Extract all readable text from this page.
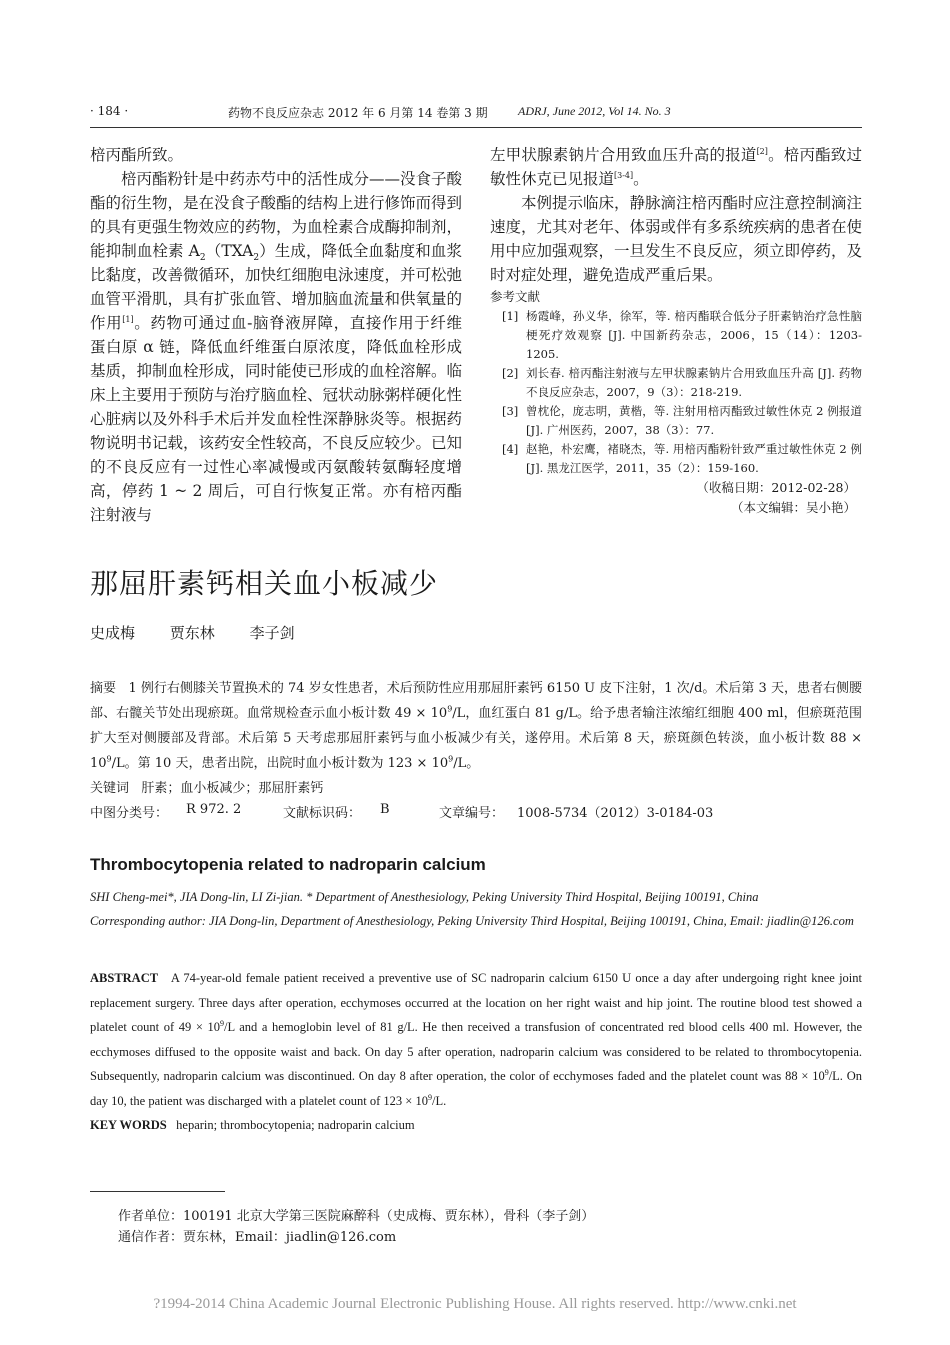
· 184 ·	药物不良反应杂志 2012 年 6 月第 14 卷第 3 期	ADRJ, June 2012, Vol 14. No. 3

棓丙酯所致。

棓丙酯粉针是中药赤芍中的活性成分——没食子酸酯的衍生物，是在没食子酸酯的结构上进行修饰而得到的具有更强生物效应的药物，为血栓素合成酶抑制剂，能抑制血栓素 $A_2(TXA_2)$生成，降低全血黏度和血浆比黏度，改善微循环，加快红细胞电泳速度，并可松弛血管平滑肌，具有扩张血管、增加脑血流量和供氧量的作用[1]。药物可通过血-脑脊液屏障，直接作用于纤维蛋白原 α 链，降低血纤维蛋白原浓度，降低血栓形成基质，抑制血栓形成，同时能使已形成的血栓溶解。临床上主要用于预防与治疗脑血栓、冠状动脉粥样硬化性心脏病以及外科手术后并发血栓性深静脉炎等。根据药物说明书记载，该药安全性较高，不良反应较少。已知的不良反应有一过性心率减慢或丙氨酸转氨酶轻度增高，停药 1 ~ 2 周后，可自行恢复正常。亦有棓丙酯注射液与

左甲状腺素钠片合用致血压升高的报道[2]。棓丙酯致过敏性休克已见报道[3-4]。

本例提示临床，静脉滴注棓丙酯时应注意控制滴注速度，尤其对老年、体弱或伴有多系统疾病的患者在使用中应加强观察，一旦发生不良反应，须立即停药，及时对症处理，避免造成严重后果。

参考文献
[1] 杨霞峰，孙义华，徐军，等. 棓丙酯联合低分子肝素钠治疗急性脑梗死疗效观察 [J]. 中国新药杂志，2006，15（14）：1203-1205.
[2] 刘长春. 棓丙酯注射液与左甲状腺素钠片合用致血压升高 [J]. 药物不良反应杂志，2007，9（3）：218-219.
[3] 曾枕伦，庞志明，黄楷，等. 注射用棓丙酯致过敏性休克 2 例报道 [J]. 广州医药，2007，38（3）：77.
[4] 赵艳，朴宏鹰，褚晓杰，等. 用棓丙酯粉针致严重过敏性休克 2 例 [J]. 黑龙江医学，2011，35（2）：159-160.
（收稿日期：2012-02-28）
（本文编辑：吴小艳）
那屈肝素钙相关血小板减少
史成梅 贾东林 李子剑

摘要 1 例行右侧膝关节置换术的 74 岁女性患者，术后预防性应用那屈肝素钙 6150 U 皮下注射，1 次/d。术后第 3 天，患者右侧腰部、右髋关节处出现瘀斑。血常规检查示血小板计数 $49 \times 10^9/L$，血红蛋白 81 g/L。给予患者输注浓缩红细胞 400 ml，但瘀斑范围扩大至对侧腰部及背部。术后第 5 天考虑那屈肝素钙与血小板减少有关，遂停用。术后第 8 天，瘀斑颜色转淡，血小板计数 $88 \times 10^9/L$。第 10 天，患者出院，出院时血小板计数为 $123 \times 10^9/L$。

关键词 肝素；血小板减少；那屈肝素钙

中图分类号： R 972. 2	文献标识码： B	文章编号： 1008-5734（2012）3-0184-03
Thrombocytopenia related to nadroparin calcium

SHI Cheng-mei*, JIA Dong-lin, LI Zi-jian. * Department of Anesthesiology, Peking University Third Hospital, Beijing 100191, China

Corresponding author: JIA Dong-lin, Department of Anesthesiology, Peking University Third Hospital, Beijing 100191, China, Email: jiadlin@126.com

ABSTRACT A 74-year-old female patient received a preventive use of SC nadroparin calcium 6150 U once a day after undergoing right knee joint replacement surgery. Three days after operation, ecchymoses occurred at the location on her right waist and hip joint. The routine blood test showed a platelet count of $49 \times 10^9/L$ and a hemoglobin level of 81 g/L. He then received a transfusion of concentrated red blood cells 400 ml. However, the ecchymoses diffused to the opposite waist and back. On day 5 after operation, nadroparin calcium was considered to be related to thrombocytopenia. Subsequently, nadroparin calcium was discontinued. On day 8 after operation, the color of ecchymoses faded and the platelet count was $88 \times 10^9/L$. On day 10, the patient was discharged with a platelet count of $123 \times 10^9/L$.

KEY WORDS heparin; thrombocytopenia; nadroparin calcium

作者单位：100191 北京大学第三医院麻醉科（史成梅、贾东林），骨科（李子剑）
通信作者：贾东林，Email：jiadlin@126.com
?1994-2014 China Academic Journal Electronic Publishing House. All rights reserved. http://www.cnki.net
